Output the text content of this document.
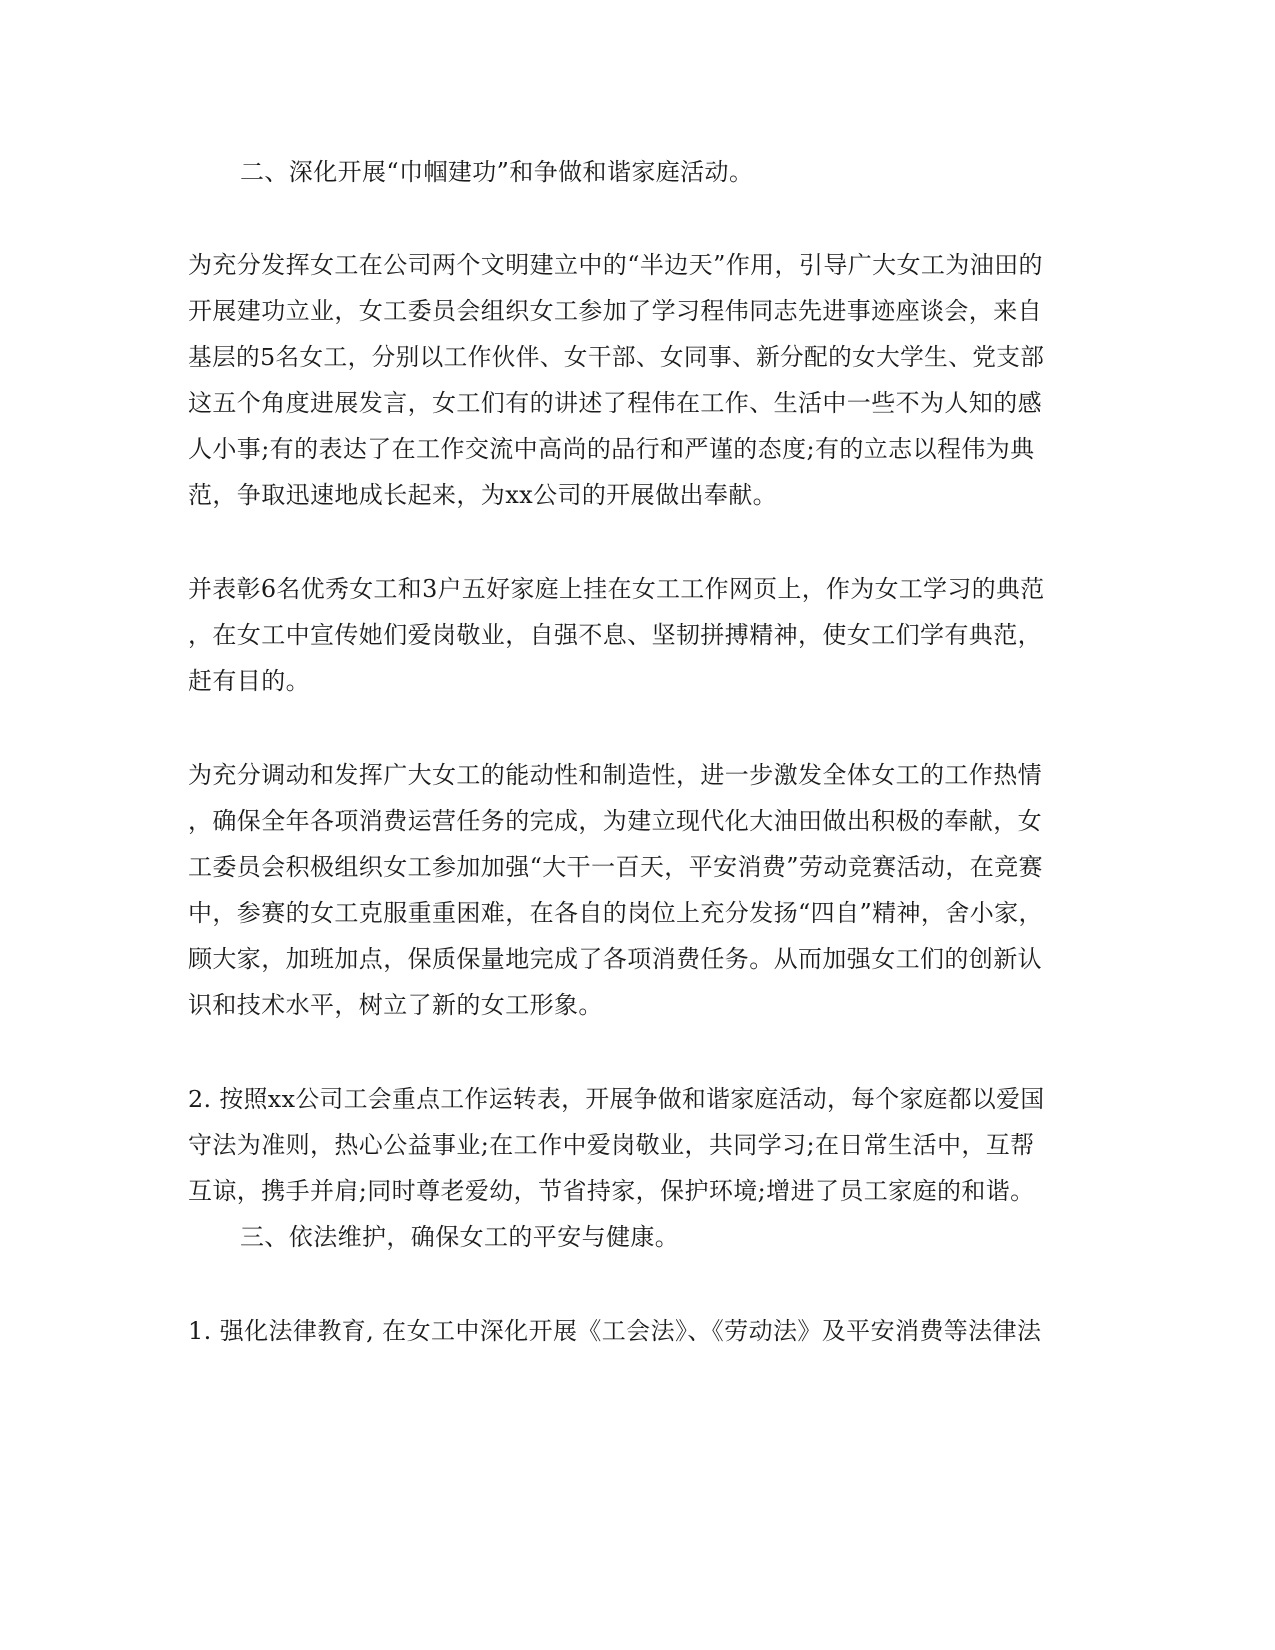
二、深化开展“巾帼建功”和争做和谐家庭活动。
为充分发挥女工在公司两个文明建立中的“半边天”作用，引导广大女工为油田的
开展建功立业，女工委员会组织女工参加了学习程伟同志先进事迹座谈会，来自
基层的5名女工，分别以工作伙伴、女干部、女同事、新分配的女大学生、党支部
这五个角度进展发言，女工们有的讲述了程伟在工作、生活中一些不为人知的感
人小事;有的表达了在工作交流中高尚的品行和严谨的态度;有的立志以程伟为典
范，争取迅速地成长起来，为xx公司的开展做出奉献。
并表彰6名优秀女工和3户五好家庭上挂在女工工作网页上，作为女工学习的典范
，在女工中宣传她们爱岗敬业，自强不息、坚韧拼搏精神，使女工们学有典范，
赶有目的。
为充分调动和发挥广大女工的能动性和制造性，进一步激发全体女工的工作热情
，确保全年各项消费运营任务的完成，为建立现代化大油田做出积极的奉献，女
工委员会积极组织女工参加加强“大干一百天，平安消费”劳动竞赛活动，在竞赛
中，参赛的女工克服重重困难，在各自的岗位上充分发扬“四自”精神，舍小家，
顾大家，加班加点，保质保量地完成了各项消费任务。从而加强女工们的创新认
识和技术水平，树立了新的女工形象。
2. 按照xx公司工会重点工作运转表，开展争做和谐家庭活动，每个家庭都以爱国
守法为准则，热心公益事业;在工作中爱岗敬业，共同学习;在日常生活中，互帮
互谅，携手并肩;同时尊老爱幼，节省持家，保护环境;增进了员工家庭的和谐。
三、依法维护，确保女工的平安与健康。
1. 强化法律教育, 在女工中深化开展《工会法》、《劳动法》及平安消费等法律法
